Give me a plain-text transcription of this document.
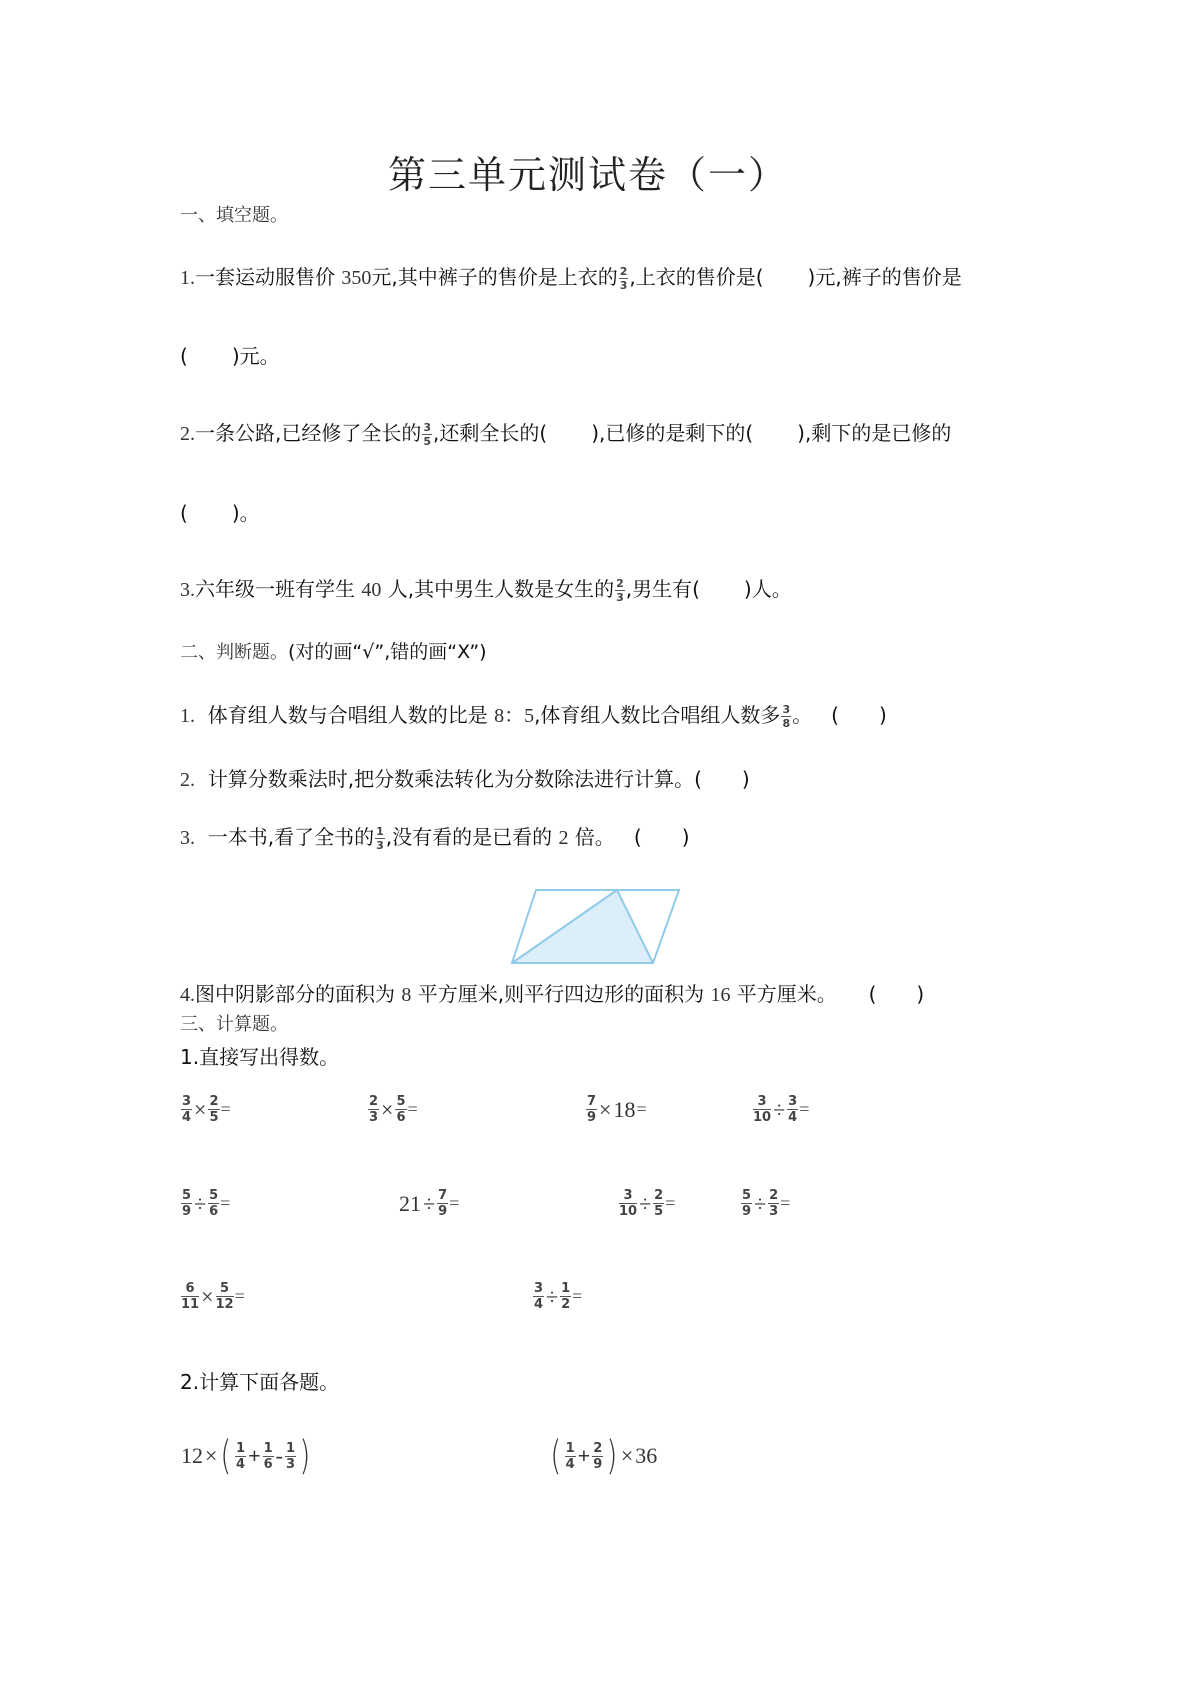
第三单元测试卷（一）
一、填空题。
1.一套运动服售价 350元,其中裤子的售价是上衣的 $\frac{2}{3}$ ,上衣的售价是( )元,裤子的售价是
( )元。
2.一条公路,已经修了全长的 $\frac{3}{5}$ ,还剩全长的( ),已修的是剩下的( ),剩下的是已修的
( )。
3.六年级一班有学生 40 人,其中男生人数是女生的 $\frac{2}{3}$ ,男生有( )人。
二、判断题。(对的画“√”,错的画“X”)
1. 体育组人数与合唱组人数的比是 8：5,体育组人数比合唱组人数多 $\frac{3}{8}$ 。 (　　)
2. 计算分数乘法时,把分数乘法转化为分数除法进行计算。(　　)
3. 一本书,看了全书的 $\frac{1}{3}$ ,没有看的是已看的 2 倍。 (　　)
4.图中阴影部分的面积为 8 平方厘米,则平行四边形的面积为 16 平方厘米。 (　　)
三、计算题。
1.直接写出得数。
$\frac{3}{4} \times \frac{2}{5}$ =	$\frac{2}{3} \times \frac{5}{6}$ =	$\frac{7}{9} \times 18$ =	$\frac{3}{10} \div \frac{3}{4}$ =
$\frac{5}{9} \div \frac{5}{6}$ =	$21 \div \frac{7}{9}$ =	$\frac{3}{10} \div \frac{2}{5}$ =	$\frac{5}{9} \div \frac{2}{3}$ =
$\frac{6}{11} \times \frac{5}{12}$ =	$\frac{3}{4} \div \frac{1}{2}$ =
2.计算下面各题。
12 × ( $\frac{1}{4} + \frac{1}{6} - \frac{1}{3}$ )	( $\frac{1}{4} + \frac{2}{9}$ ) × 36
